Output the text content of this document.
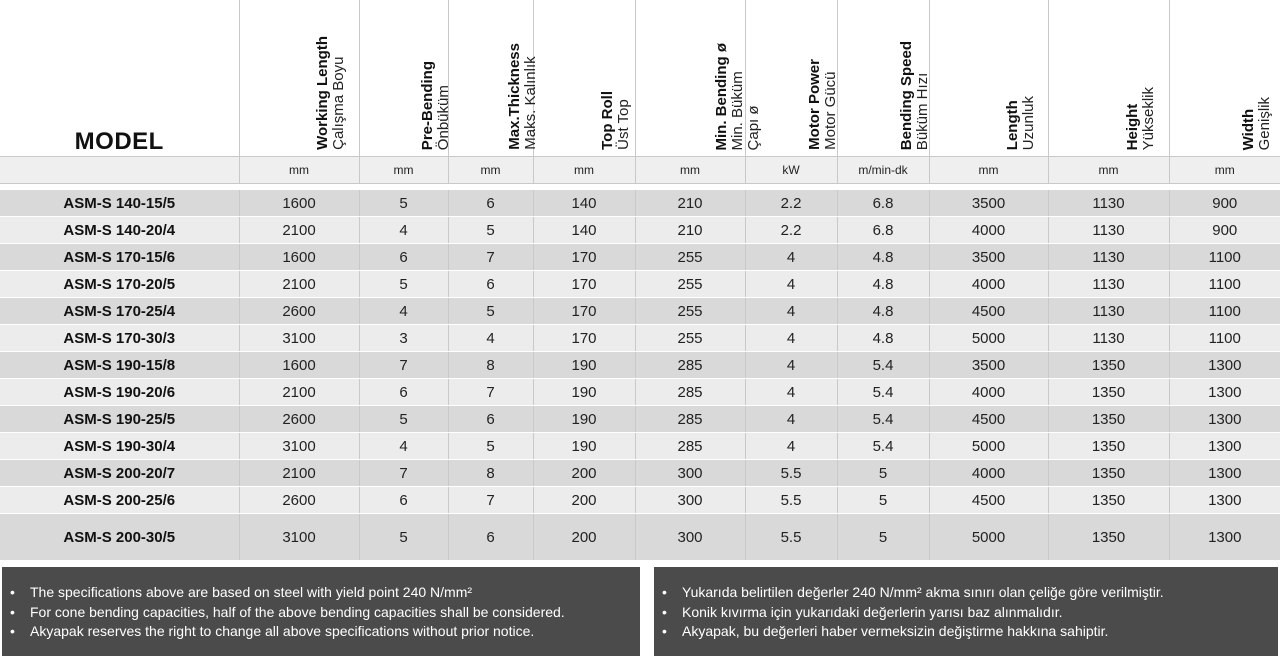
MODEL	Working Length Çalışma Boyu	Pre-Bending Önbüküm	Max.Thickness Maks. Kalınlık	Top Roll Üst Top	Min. Bending ø Min. Büküm Çapı ø	Motor Power Motor Gücü	Bending Speed Büküm Hızı	Length Uzunluk	Height Yükseklik	Width Genişlik

	mm	mm	mm	mm	mm	kW	m/min-dk	mm	mm	mm

ASM-S 140-15/5	1600	5	6	140	210	2.2	6.8	3500	1130	900
ASM-S 140-20/4	2100	4	5	140	210	2.2	6.8	4000	1130	900
ASM-S 170-15/6	1600	6	7	170	255	4	4.8	3500	1130	1100
ASM-S 170-20/5	2100	5	6	170	255	4	4.8	4000	1130	1100
ASM-S 170-25/4	2600	4	5	170	255	4	4.8	4500	1130	1100
ASM-S 170-30/3	3100	3	4	170	255	4	4.8	5000	1130	1100
ASM-S 190-15/8	1600	7	8	190	285	4	5.4	3500	1350	1300
ASM-S 190-20/6	2100	6	7	190	285	4	5.4	4000	1350	1300
ASM-S 190-25/5	2600	5	6	190	285	4	5.4	4500	1350	1300
ASM-S 190-30/4	3100	4	5	190	285	4	5.4	5000	1350	1300
ASM-S 200-20/7	2100	7	8	200	300	5.5	5	4000	1350	1300
ASM-S 200-25/6	2600	6	7	200	300	5.5	5	4500	1350	1300
ASM-S 200-30/5	3100	5	6	200	300	5.5	5	5000	1350	1300
• The specifications above are based on steel with yield point 240 N/mm²
• For cone bending capacities, half of the above bending capacities shall be considered.
• Akyapak reserves the right to change all above specifications without prior notice.
• Yukarıda belirtilen değerler 240 N/mm² akma sınırı olan çeliğe göre verilmiştir.
• Konik kıvırma için yukarıdaki değerlerin yarısı baz alınmalıdır.
• Akyapak, bu değerleri haber vermeksizin değiştirme hakkına sahiptir.
